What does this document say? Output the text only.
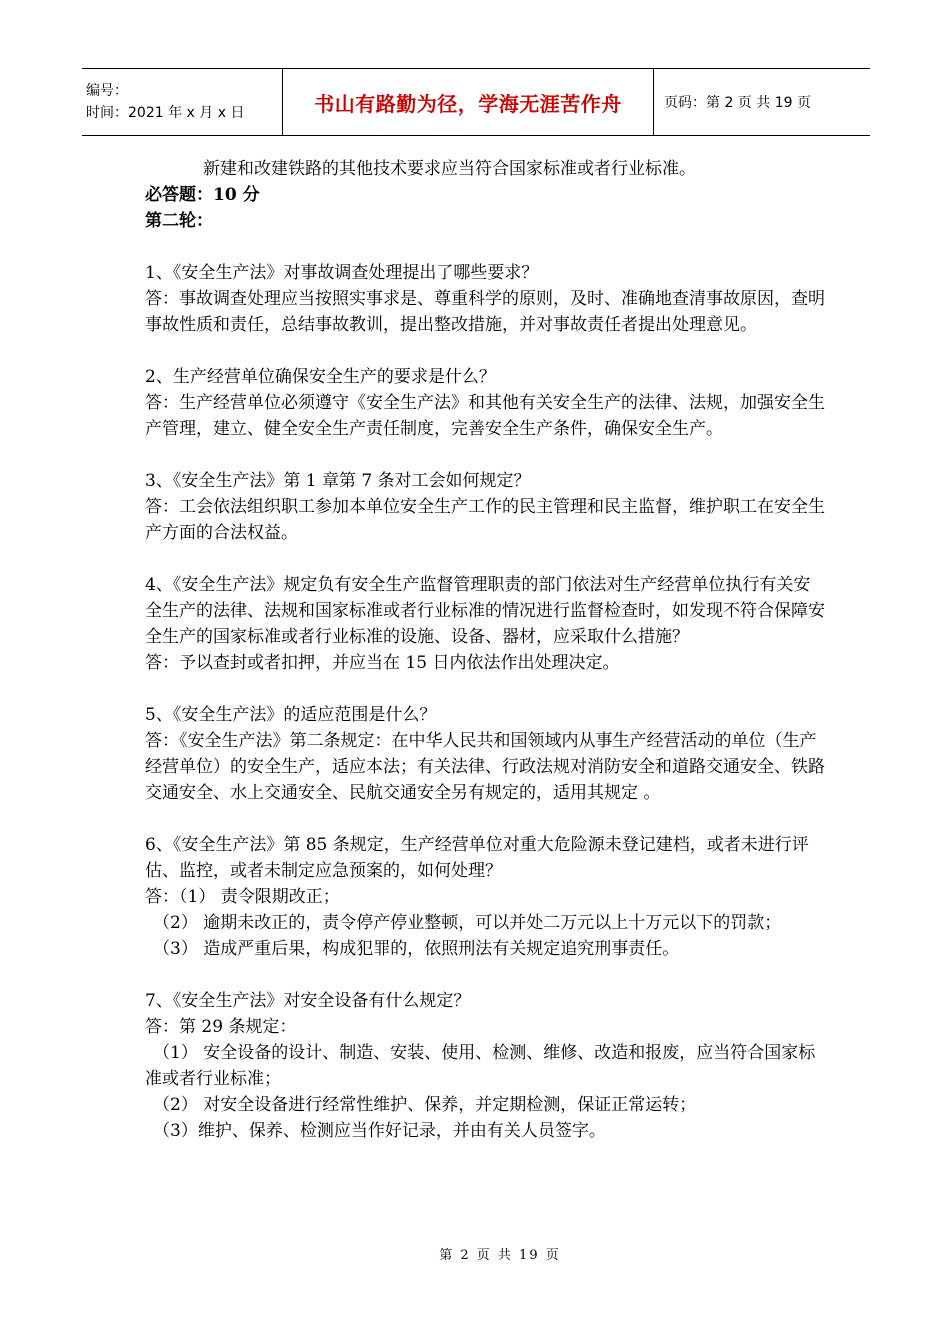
编号：
时间：2021 年 x 月 x 日	书山有路勤为径，学海无涯苦作舟	页码：第 2 页 共 19 页

新建和改建铁路的其他技术要求应当符合国家标准或者行业标准。

必答题：10 分

第二轮：

1、《安全生产法》对事故调查处理提出了哪些要求？

答：事故调查处理应当按照实事求是、尊重科学的原则，及时、准确地查清事故原因，查明事故性质和责任，总结事故教训，提出整改措施，并对事故责任者提出处理意见。

2、生产经营单位确保安全生产的要求是什么？

答：生产经营单位必须遵守《安全生产法》和其他有关安全生产的法律、法规，加强安全生产管理，建立、健全安全生产责任制度，完善安全生产条件，确保安全生产。

3、《安全生产法》第 1 章第 7 条对工会如何规定？

答：工会依法组织职工参加本单位安全生产工作的民主管理和民主监督，维护职工在安全生产方面的合法权益。

4、《安全生产法》规定负有安全生产监督管理职责的部门依法对生产经营单位执行有关安全生产的法律、法规和国家标准或者行业标准的情况进行监督检查时，如发现不符合保障安全生产的国家标准或者行业标准的设施、设备、器材，应采取什么措施？

答：予以查封或者扣押，并应当在 15 日内依法作出处理决定。

5、《安全生产法》的适应范围是什么？

答：《安全生产法》第二条规定：在中华人民共和国领域内从事生产经营活动的单位（生产经营单位）的安全生产，适应本法；有关法律、行政法规对消防安全和道路交通安全、铁路交通安全、水上交通安全、民航交通安全另有规定的，适用其规定 。

6、《安全生产法》第 85 条规定，生产经营单位对重大危险源未登记建档，或者未进行评估、监控，或者未制定应急预案的，如何处理？

答：（1） 责令限期改正；

（2） 逾期未改正的，责令停产停业整顿，可以并处二万元以上十万元以下的罚款；

（3） 造成严重后果，构成犯罪的，依照刑法有关规定追究刑事责任。

7、《安全生产法》对安全设备有什么规定？

答：第 29 条规定：

（1） 安全设备的设计、制造、安装、使用、检测、维修、改造和报废，应当符合国家标准或者行业标准；

（2） 对安全设备进行经常性维护、保养，并定期检测，保证正常运转；

（3）维护、保养、检测应当作好记录，并由有关人员签字。

第 2 页 共 19 页
